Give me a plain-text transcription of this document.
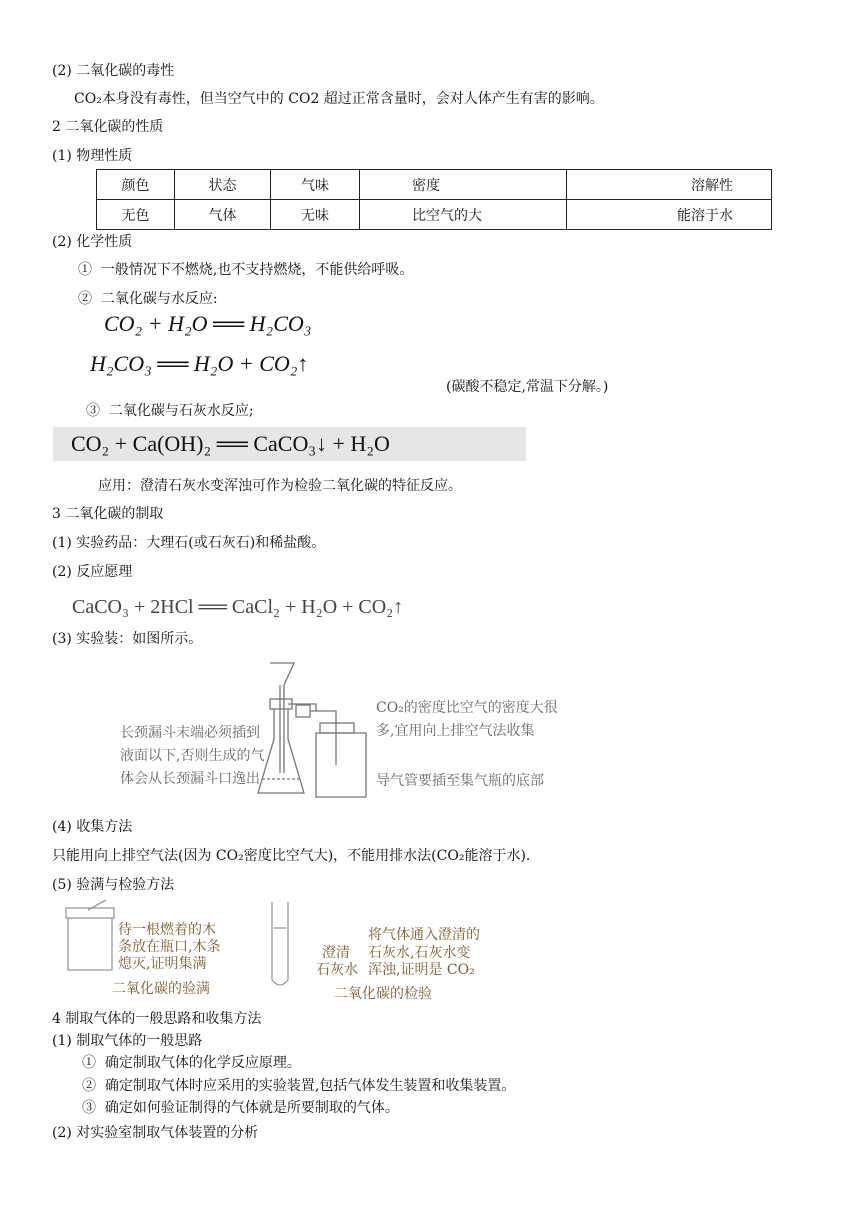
(2) 二氧化碳的毒性
CO₂本身没有毒性，但当空气中的 CO2 超过正常含量时，会对人体产生有害的影响。
2 二氧化碳的性质
(1) 物理性质
颜色	状态	气味	密度	溶解性
无色	气体	无味	比空气的大	能溶于水
(2) 化学性质
① 一般情况下不燃烧,也不支持燃烧，不能供给呼吸。
② 二氧化碳与水反应:
CO₂ + H₂O ══ H₂CO₃
H₂CO₃ ══ H₂O + CO₂↑
(碳酸不稳定,常温下分解。)
③ 二氧化碳与石灰水反应;
CO₂ + Ca(OH)₂ ══ CaCO₃↓ + H₂O
应用：澄清石灰水变浑浊可作为检验二氧化碳的特征反应。
3 二氧化碳的制取
(1) 实验药品：大理石(或石灰石)和稀盐酸。
(2) 反应愿理
CaCO₃ + 2HCl ══ CaCl₂ + H₂O + CO₂↑
(3) 实验装：如图所示。
长颈漏斗末端必须插到
液面以下,否则生成的气
体会从长颈漏斗口逸出
CO₂的密度比空气的密度大很
多,宜用向上排空气法收集
导气管要插至集气瓶的底部
(4) 收集方法
只能用向上排空气法(因为 CO₂密度比空气大)，不能用排水法(CO₂能溶于水).
(5) 验满与检验方法
待一根燃着的木
条放在瓶口,木条
熄灭,证明集满
二氧化碳的验满
澄清
石灰水
将气体通入澄清的
石灰水,石灰水变
浑浊,证明是 CO₂
二氧化碳的检验
4 制取气体的一般思路和收集方法
(1) 制取气体的一般思路
① 确定制取气体的化学反应原理。
② 确定制取气体时应采用的实验装置,包括气体发生装置和收集装置。
③ 确定如何验证制得的气体就是所要制取的气体。
(2) 对实验室制取气体装置的分析
